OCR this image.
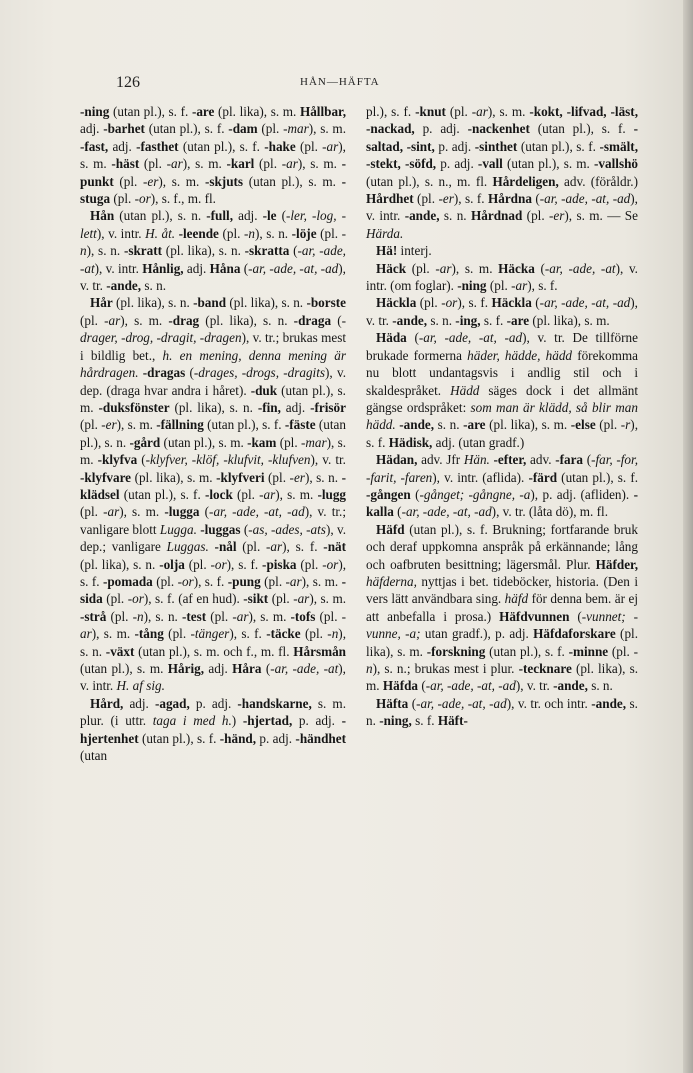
126	HÅN—HÄFTA

-ning (utan pl.), s. f. -are (pl. lika), s. m. Hållbar, adj. -barhet (utan pl.), s. f. -dam (pl. -mar), s. m. -fast, adj. -fasthet (utan pl.), s. f. -hake (pl. -ar), s. m. -häst (pl. -ar), s. m. -karl (pl. -ar), s. m. -punkt (pl. -er), s. m. -skjuts (utan pl.), s. m. -stuga (pl. -or), s. f., m. fl.

Hån (utan pl.), s. n. -full, adj. -le (-ler, -log, -lett), v. intr. H. åt. -leende (pl. -n), s. n. -löje (pl. -n), s. n. -skratt (pl. lika), s. n. -skratta (-ar, -ade, -at), v. intr. Hånlig, adj. Håna (-ar, -ade, -at, -ad), v. tr. -ande, s. n.

Hår (pl. lika), s. n. -band (pl. lika), s. n. -borste (pl. -ar), s. m. -drag (pl. lika), s. n. -draga (-drager, -drog, -dragit, -dragen), v. tr.; brukas mest i bildlig bet., h. en mening, denna mening är hårdragen. -dragas (-drages, -drogs, -dragits), v. dep. (draga hvar andra i håret). -duk (utan pl.), s. m. -duksfönster (pl. lika), s. n. -fin, adj. -frisör (pl. -er), s. m. -fällning (utan pl.), s. f. -fäste (utan pl.), s. n. -gård (utan pl.), s. m. -kam (pl. -mar), s. m. -klyfva (-klyfver, -klöf, -klufvit, -klufven), v. tr. -klyfvare (pl. lika), s. m. -klyfveri (pl. -er), s. n. -klädsel (utan pl.), s. f. -lock (pl. -ar), s. m. -lugg (pl. -ar), s. m. -lugga (-ar, -ade, -at, -ad), v. tr.; vanligare blott Lugga. -luggas (-as, -ades, -ats), v. dep.; vanligare Luggas. -nål (pl. -ar), s. f. -nät (pl. lika), s. n. -olja (pl. -or), s. f. -piska (pl. -or), s. f. -pomada (pl. -or), s. f. -pung (pl. -ar), s. m. -sida (pl. -or), s. f. (af en hud). -sikt (pl. -ar), s. m. -strå (pl. -n), s. n. -test (pl. -ar), s. m. -tofs (pl. -ar), s. m. -tång (pl. -tänger), s. f. -täcke (pl. -n), s. n. -växt (utan pl.), s. m. och f., m. fl. Hårsmån (utan pl.), s. m. Hårig, adj. Håra (-ar, -ade, -at), v. intr. H. af sig.

Hård, adj. -agad, p. adj. -handskarne, s. m. plur. (i uttr. taga i med h.) -hjertad, p. adj. -hjertenhet (utan pl.), s. f. -händ, p. adj. -händhet (utan

pl.), s. f. -knut (pl. -ar), s. m. -kokt, -lifvad, -läst, -nackad, p. adj. -nackenhet (utan pl.), s. f. -saltad, -sint, p. adj. -sinthet (utan pl.), s. f. -smält, -stekt, -söfd, p. adj. -vall (utan pl.), s. m. -vallshö (utan pl.), s. n., m. fl. Hårdeligen, adv. (föråldr.) Hårdhet (pl. -er), s. f. Hårdna (-ar, -ade, -at, -ad), v. intr. -ande, s. n. Hårdnad (pl. -er), s. m. — Se Härda.

Hä! interj.

Häck (pl. -ar), s. m. Häcka (-ar, -ade, -at), v. intr. (om foglar). -ning (pl. -ar), s. f.

Häckla (pl. -or), s. f. Häckla (-ar, -ade, -at, -ad), v. tr. -ande, s. n. -ing, s. f. -are (pl. lika), s. m.

Häda (-ar, -ade, -at, -ad), v. tr. De tillförne brukade formerna häder, hädde, hädd förekomma nu blott undantagsvis i andlig stil och i skaldespråket. Hädd säges dock i det allmänt gängse ordspråket: som man är klädd, så blir man hädd. -ande, s. n. -are (pl. lika), s. m. -else (pl. -r), s. f. Hädisk, adj. (utan gradf.)

Hädan, adv. Jfr Hän. -efter, adv. -fara (-far, -for, -farit, -faren), v. intr. (aflida). -färd (utan pl.), s. f. -gången (-gånget; -gångne, -a), p. adj. (afliden). -kalla (-ar, -ade, -at, -ad), v. tr. (låta dö), m. fl.

Häfd (utan pl.), s. f. Brukning; fortfarande bruk och deraf uppkomna anspråk på erkännande; lång och oafbruten besittning; lägersmål. Plur. Häfder, häfderna, nyttjas i bet. tideböcker, historia. (Den i vers lätt användbara sing. häfd för denna bem. är ej att anbefalla i prosa.) Häfdvunnen (-vunnet; -vunne, -a; utan gradf.), p. adj. Häfdaforskare (pl. lika), s. m. -forskning (utan pl.), s. f. -minne (pl. -n), s. n.; brukas mest i plur. -tecknare (pl. lika), s. m. Häfda (-ar, -ade, -at, -ad), v. tr. -ande, s. n.

Häfta (-ar, -ade, -at, -ad), v. tr. och intr. -ande, s. n. -ning, s. f. Häft-
